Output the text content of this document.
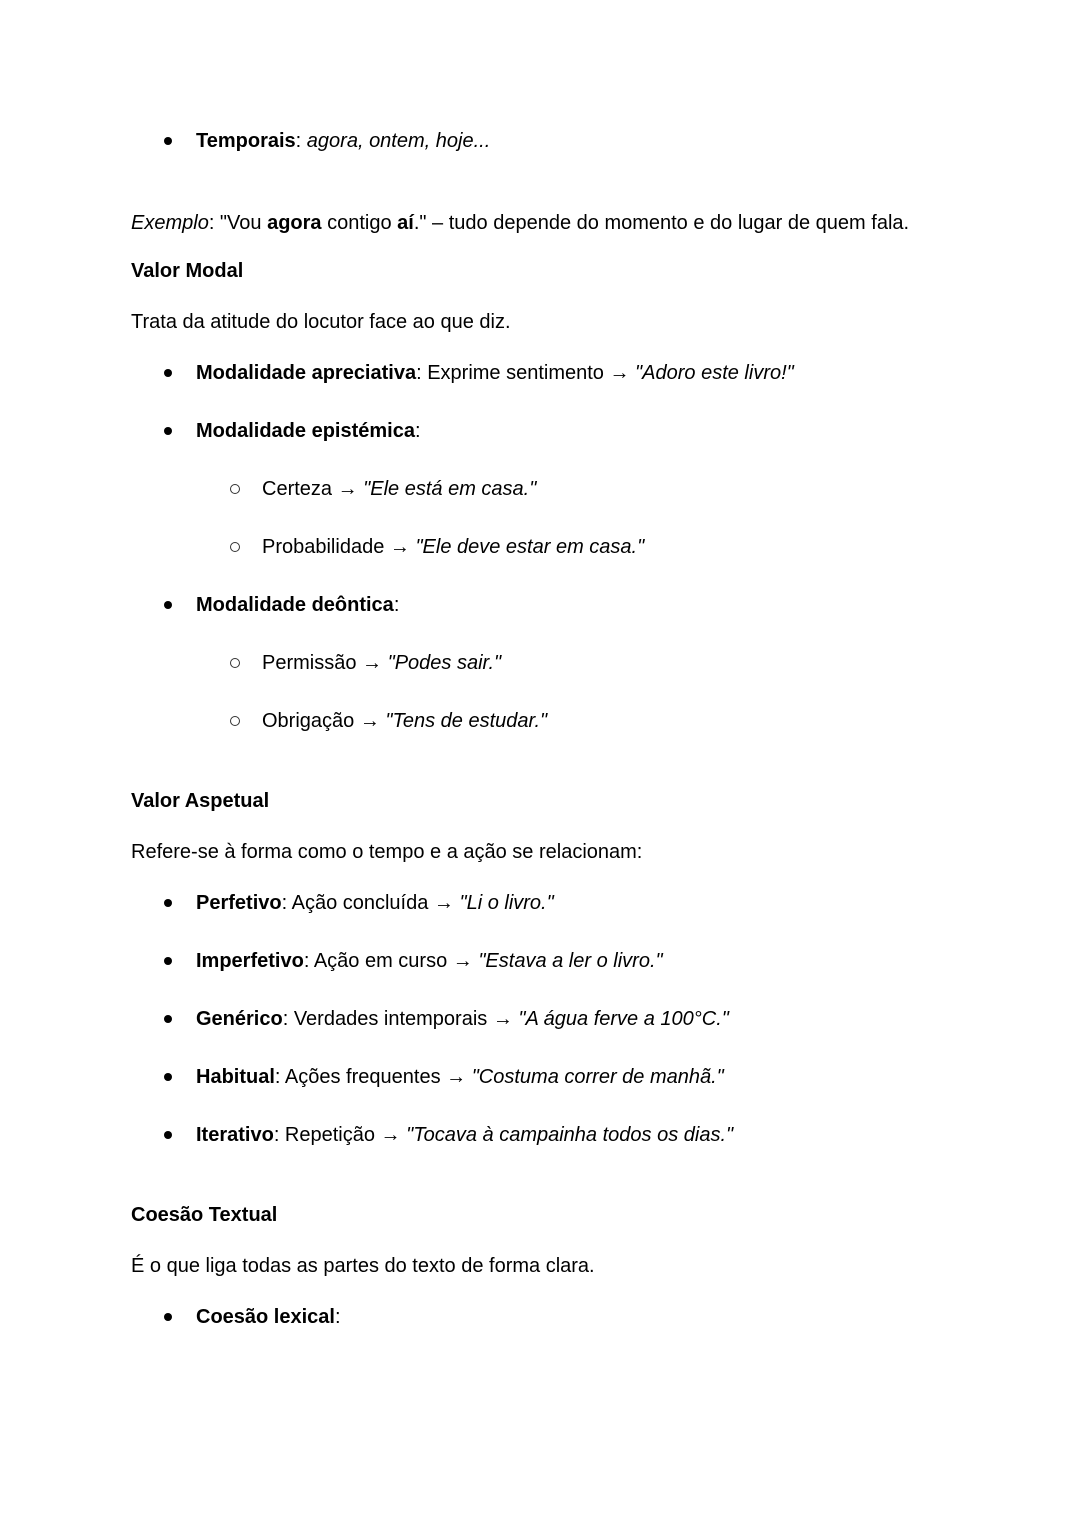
Temporais: agora, ontem, hoje...
Exemplo: "Vou agora contigo aí." – tudo depende do momento e do lugar de quem fala.
Valor Modal
Trata da atitude do locutor face ao que diz.
Modalidade apreciativa: Exprime sentimento → "Adoro este livro!"
Modalidade epistémica:
Certeza → "Ele está em casa."
Probabilidade → "Ele deve estar em casa."
Modalidade deôntica:
Permissão → "Podes sair."
Obrigação → "Tens de estudar."
Valor Aspetual
Refere-se à forma como o tempo e a ação se relacionam:
Perfetivo: Ação concluída → "Li o livro."
Imperfetivo: Ação em curso → "Estava a ler o livro."
Genérico: Verdades intemporais → "A água ferve a 100°C."
Habitual: Ações frequentes → "Costuma correr de manhã."
Iterativo: Repetição → "Tocava à campainha todos os dias."
Coesão Textual
É o que liga todas as partes do texto de forma clara.
Coesão lexical:
